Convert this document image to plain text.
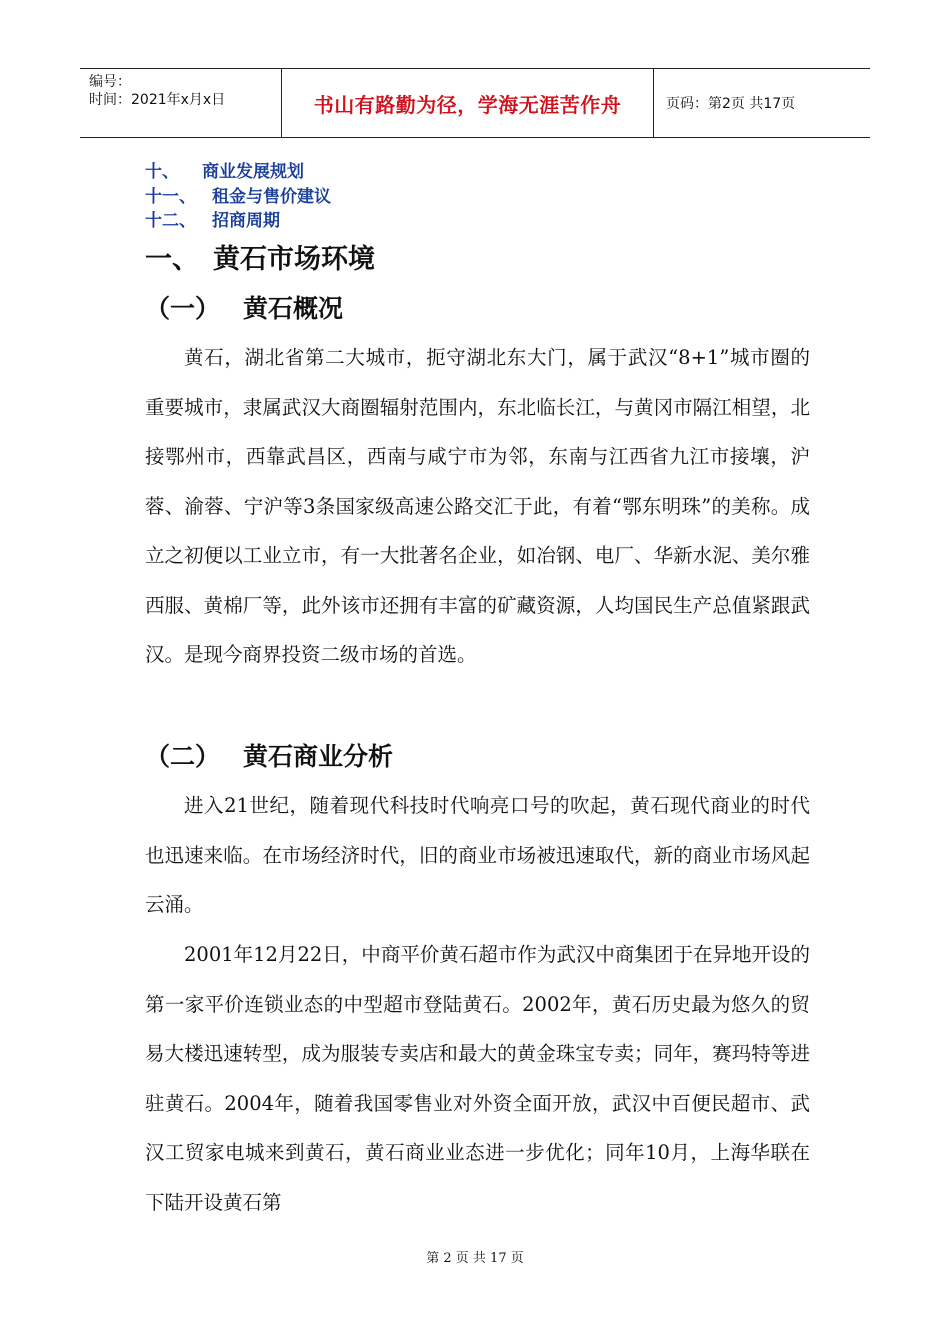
编号：
时间：2021年x月x日	书山有路勤为径，学海无涯苦作舟	页码：第2页 共17页
十、	商业发展规划
十一、 租金与售价建议
十二、 招商周期
一、 黄石市场环境
（一） 黄石概况

黄石，湖北省第二大城市，扼守湖北东大门，属于武汉“8+1”城市圈的重要城市，隶属武汉大商圈辐射范围内，东北临长江，与黄冈市隔江相望，北接鄂州市，西靠武昌区，西南与咸宁市为邻，东南与江西省九江市接壤，沪蓉、渝蓉、宁沪等3条国家级高速公路交汇于此，有着“鄂东明珠”的美称。成立之初便以工业立市，有一大批著名企业，如冶钢、电厂、华新水泥、美尔雅西服、黄棉厂等，此外该市还拥有丰富的矿藏资源，人均国民生产总值紧跟武汉。是现今商界投资二级市场的首选。

（二） 黄石商业分析

进入21世纪，随着现代科技时代响亮口号的吹起，黄石现代商业的时代也迅速来临。在市场经济时代，旧的商业市场被迅速取代，新的商业市场风起云涌。

2001年12月22日，中商平价黄石超市作为武汉中商集团于在异地开设的第一家平价连锁业态的中型超市登陆黄石。2002年，黄石历史最为悠久的贸易大楼迅速转型，成为服装专卖店和最大的黄金珠宝专卖；同年，赛玛特等进驻黄石。2004年，随着我国零售业对外资全面开放，武汉中百便民超市、武汉工贸家电城来到黄石，黄石商业业态进一步优化；同年10月，上海华联在下陆开设黄石第

第 2 页 共 17 页
